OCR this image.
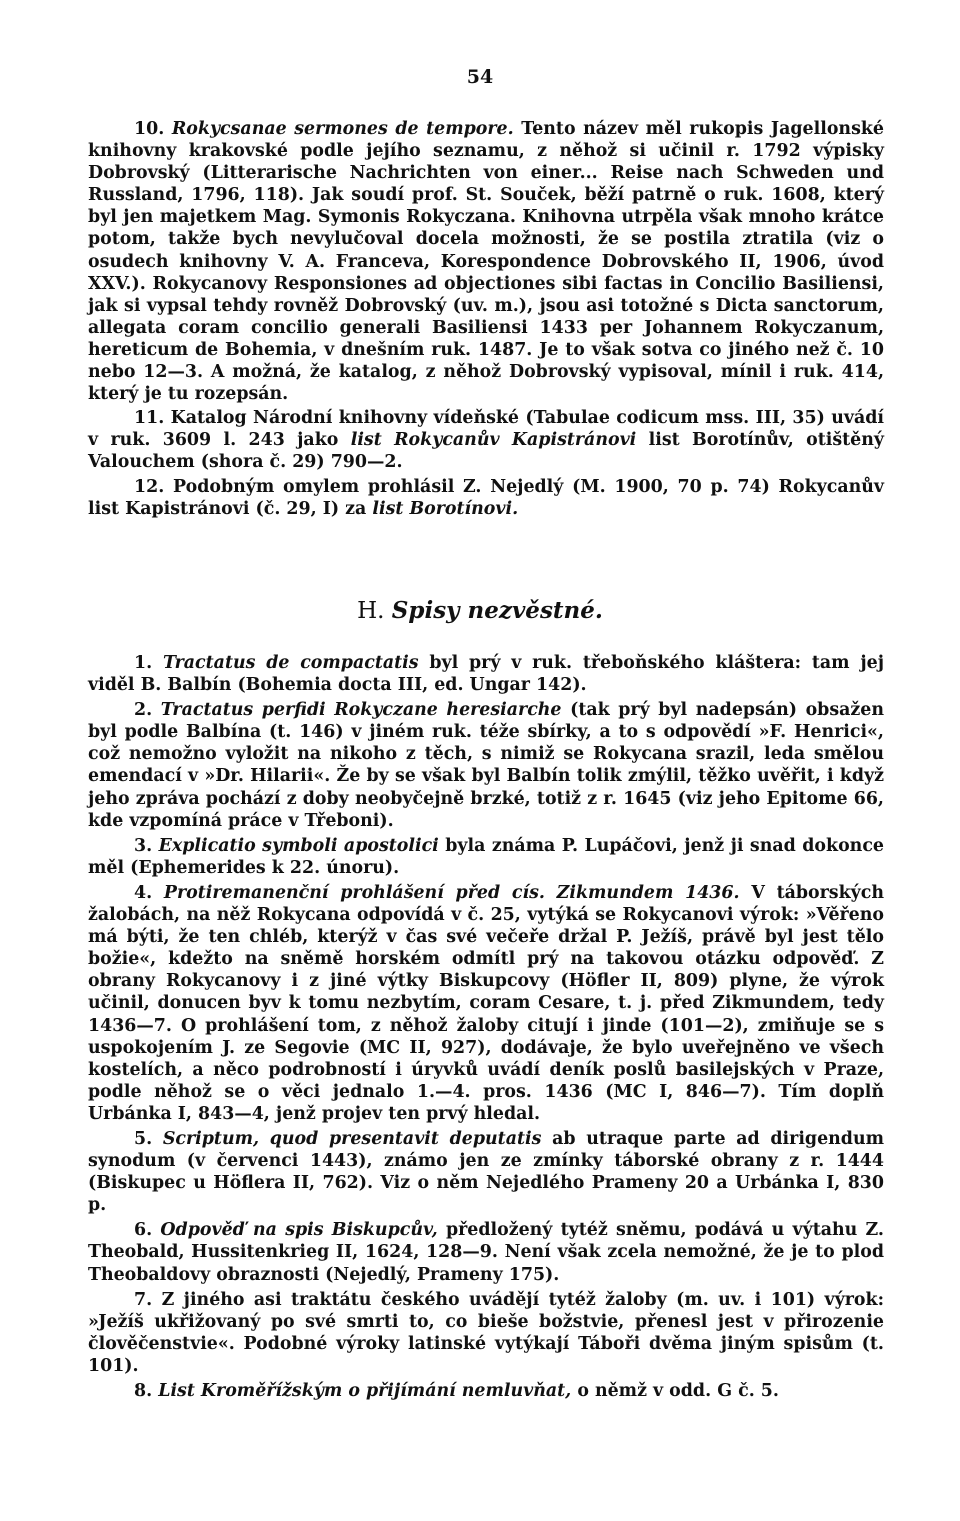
54

10. Rokycsanae sermones de tempore. Tento název měl rukopis Jagellonské knihovny krakovské podle jejího seznamu, z něhož si učinil r. 1792 výpisky Dobrovský (Litterarische Nachrichten von einer... Reise nach Schweden und Russland, 1796, 118). Jak soudí prof. St. Souček, běží patrně o ruk. 1608, který byl jen majetkem Mag. Symonis Rokyczana. Knihovna utrpěla však mnoho krátce potom, takže bych nevylučoval docela možnosti, že se postila ztratila (viz o osudech knihovny V. A. Franceva, Korespondence Dobrovského II, 1906, úvod XXV.). Rokycanovy Responsiones ad objectiones sibi factas in Concilio Basiliensi, jak si vypsal tehdy rovněž Dobrovský (uv. m.), jsou asi totožné s Dicta sanctorum, allegata coram concilio generali Basiliensi 1433 per Johannem Rokyczanum, hereticum de Bohemia, v dnešním ruk. 1487. Je to však sotva co jiného než č. 10 nebo 12—3. A možná, že katalog, z něhož Dobrovský vypisoval, mínil i ruk. 414, který je tu rozepsán.

11. Katalog Národní knihovny vídeňské (Tabulae codicum mss. III, 35) uvádí v ruk. 3609 l. 243 jako list Rokycanův Kapistránovi list Borotínův, otištěný Valouchem (shora č. 29) 790—2.

12. Podobným omylem prohlásil Z. Nejedlý (M. 1900, 70 p. 74) Rokycanův list Kapistránovi (č. 29, I) za list Borotínovi.

H. Spisy nezvěstné.

1. Tractatus de compactatis byl prý v ruk. třeboňského kláštera: tam jej viděl B. Balbín (Bohemia docta III, ed. Ungar 142).

2. Tractatus perfidi Rokyczane heresiarche (tak prý byl nadepsán) obsažen byl podle Balbína (t. 146) v jiném ruk. téže sbírky, a to s odpovědí »F. Henrici«, což nemožno vyložit na nikoho z těch, s nimiž se Rokycana srazil, leda smělou emendací v »Dr. Hilarii«. Že by se však byl Balbín tolik zmýlil, těžko uvěřit, i když jeho zpráva pochází z doby neobyčejně brzké, totiž z r. 1645 (viz jeho Epitome 66, kde vzpomíná práce v Třeboni).

3. Explicatio symboli apostolici byla známa P. Lupáčovi, jenž ji snad dokonce měl (Ephemerides k 22. únoru).

4. Protiremanenční prohlášení před cís. Zikmundem 1436. V táborských žalobách, na něž Rokycana odpovídá v č. 25, vytýká se Rokycanovi výrok: »Věřeno má býti, že ten chléb, kterýž v čas své večeře držal P. Ježíš, právě byl jest tělo božie«, kdežto na sněmě horském odmítl prý na takovou otázku odpověď. Z obrany Rokycanovy i z jiné výtky Biskupcovy (Höfler II, 809) plyne, že výrok učinil, donucen byv k tomu nezbytím, coram Cesare, t. j. před Zikmundem, tedy 1436—7. O prohlášení tom, z něhož žaloby citují i jinde (101—2), zmiňuje se s uspokojením J. ze Segovie (MC II, 927), dodávaje, že bylo uveřejněno ve všech kostelích, a něco podrobností i úryvků uvádí deník poslů basilejských v Praze, podle něhož se o věci jednalo 1.—4. pros. 1436 (MC I, 846—7). Tím doplň Urbánka I, 843—4, jenž projev ten prvý hledal.

5. Scriptum, quod presentavit deputatis ab utraque parte ad dirigendum synodum (v červenci 1443), známo jen ze zmínky táborské obrany z r. 1444 (Biskupec u Höflera II, 762). Viz o něm Nejedlého Prameny 20 a Urbánka I, 830 p.

6. Odpověď na spis Biskupcův, předložený tytéž sněmu, podává u výtahu Z. Theobald, Hussitenkrieg II, 1624, 128—9. Není však zcela nemožné, že je to plod Theobaldovy obraznosti (Nejedlý, Prameny 175).

7. Z jiného asi traktátu českého uvádějí tytéž žaloby (m. uv. i 101) výrok: »Ježíš ukřižovaný po své smrti to, co bieše božstvie, přenesl jest v přirozenie člověčenstvie«. Podobné výroky latinské vytýkají Táboři dvěma jiným spisům (t. 101).

8. List Kroměřížským o přijímání nemluvňat, o němž v odd. G č. 5.
